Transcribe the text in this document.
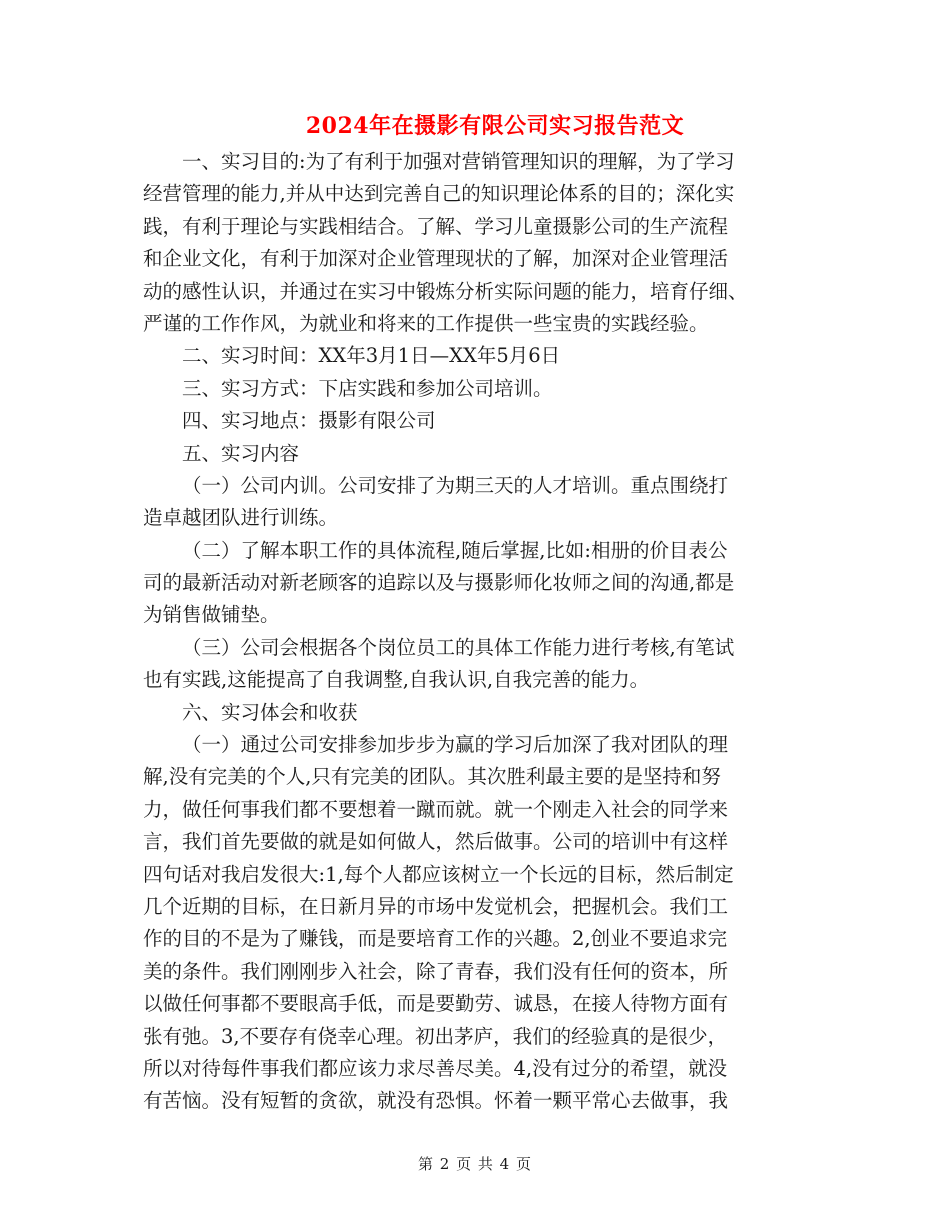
2024年在摄影有限公司实习报告范文
一、实习目的:为了有利于加强对营销管理知识的理解，为了学习
经营管理的能力,并从中达到完善自己的知识理论体系的目的；深化实
践，有利于理论与实践相结合。了解、学习儿童摄影公司的生产流程
和企业文化，有利于加深对企业管理现状的了解，加深对企业管理活
动的感性认识，并通过在实习中锻炼分析实际问题的能力，培育仔细、
严谨的工作作风，为就业和将来的工作提供一些宝贵的实践经验。
二、实习时间：XX年3月1日—XX年5月6日
三、实习方式：下店实践和参加公司培训。
四、实习地点：摄影有限公司
五、实习内容
（一）公司内训。公司安排了为期三天的人才培训。重点围绕打
造卓越团队进行训练。
（二）了解本职工作的具体流程,随后掌握,比如:相册的价目表公
司的最新活动对新老顾客的追踪以及与摄影师化妆师之间的沟通,都是
为销售做铺垫。
（三）公司会根据各个岗位员工的具体工作能力进行考核,有笔试
也有实践,这能提高了自我调整,自我认识,自我完善的能力。
六、实习体会和收获
（一）通过公司安排参加步步为赢的学习后加深了我对团队的理
解,没有完美的个人,只有完美的团队。其次胜利最主要的是坚持和努
力，做任何事我们都不要想着一蹴而就。就一个刚走入社会的同学来
言，我们首先要做的就是如何做人，然后做事。公司的培训中有这样
四句话对我启发很大:1,每个人都应该树立一个长远的目标，然后制定
几个近期的目标，在日新月异的市场中发觉机会，把握机会。我们工
作的目的不是为了赚钱，而是要培育工作的兴趣。2,创业不要追求完
美的条件。我们刚刚步入社会，除了青春，我们没有任何的资本，所
以做任何事都不要眼高手低，而是要勤劳、诚恳，在接人待物方面有
张有弛。3,不要存有侥幸心理。初出茅庐，我们的经验真的是很少，
所以对待每件事我们都应该力求尽善尽美。4,没有过分的希望，就没
有苦恼。没有短暂的贪欲，就没有恐惧。怀着一颗平常心去做事，我
第 2 页 共 4 页
